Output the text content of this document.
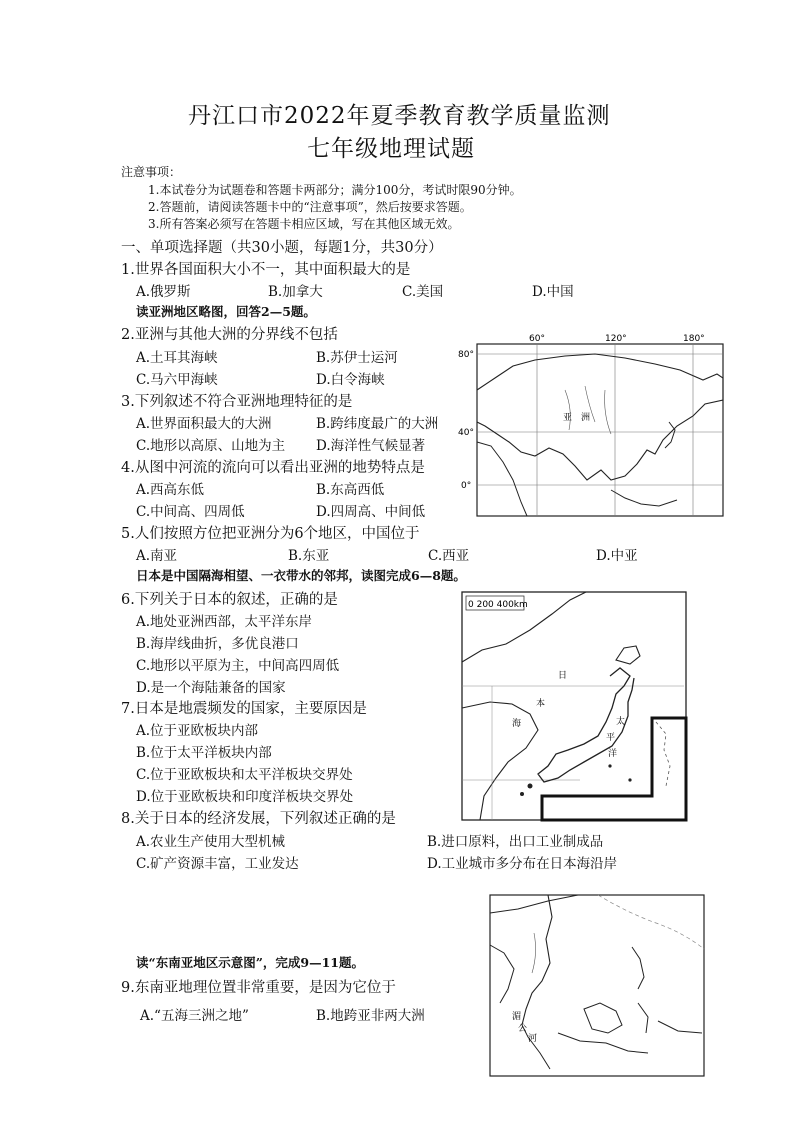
丹江口市2022年夏季教育教学质量监测
七年级地理试题
注意事项：
1.本试卷分为试题卷和答题卡两部分；满分100分，考试时限90分钟。
2.答题前，请阅读答题卡中的“注意事项”，然后按要求答题。
3.所有答案必须写在答题卡相应区域，写在其他区域无效。
一、单项选择题（共30小题，每题1分，共30分）
1.世界各国面积大小不一，其中面积最大的是
A.俄罗斯	B.加拿大	C.美国	D.中国
读亚洲地区略图，回答2—5题。
2.亚洲与其他大洲的分界线不包括
A.土耳其海峡	B.苏伊士运河
C.马六甲海峡	D.白令海峡
3.下列叙述不符合亚洲地理特征的是
A.世界面积最大的大洲	B.跨纬度最广的大洲
C.地形以高原、山地为主 D.海洋性气候显著
4.从图中河流的流向可以看出亚洲的地势特点是
A.西高东低	B.东高西低
C.中间高、四周低	D.四周高、中间低
5.人们按照方位把亚洲分为6个地区，中国位于
A.南亚	B.东亚	C.西亚	D.中亚
日本是中国隔海相望、一衣带水的邻邦，读图完成6—8题。
6.下列关于日本的叙述，正确的是
A.地处亚洲西部，太平洋东岸
B.海岸线曲折，多优良港口
C.地形以平原为主，中间高四周低
D.是一个海陆兼备的国家
7.日本是地震频发的国家，主要原因是
A.位于亚欧板块内部
B.位于太平洋板块内部
C.位于亚欧板块和太平洋板块交界处
D.位于亚欧板块和印度洋板块交界处
8.关于日本的经济发展，下列叙述正确的是
A.农业生产使用大型机械	B.进口原料，出口工业制成品
C.矿产资源丰富，工业发达	D.工业城市多分布在日本海沿岸
读“东南亚地区示意图”，完成9—11题。
9.东南亚地理位置非常重要，是因为它位于
A.“五海三洲之地”	B.地跨亚非两大洲
60°	120°	180°
80°
40°
0°
亚　洲
0 200 400km
日
本
海	太
平
洋
湄
公
河
